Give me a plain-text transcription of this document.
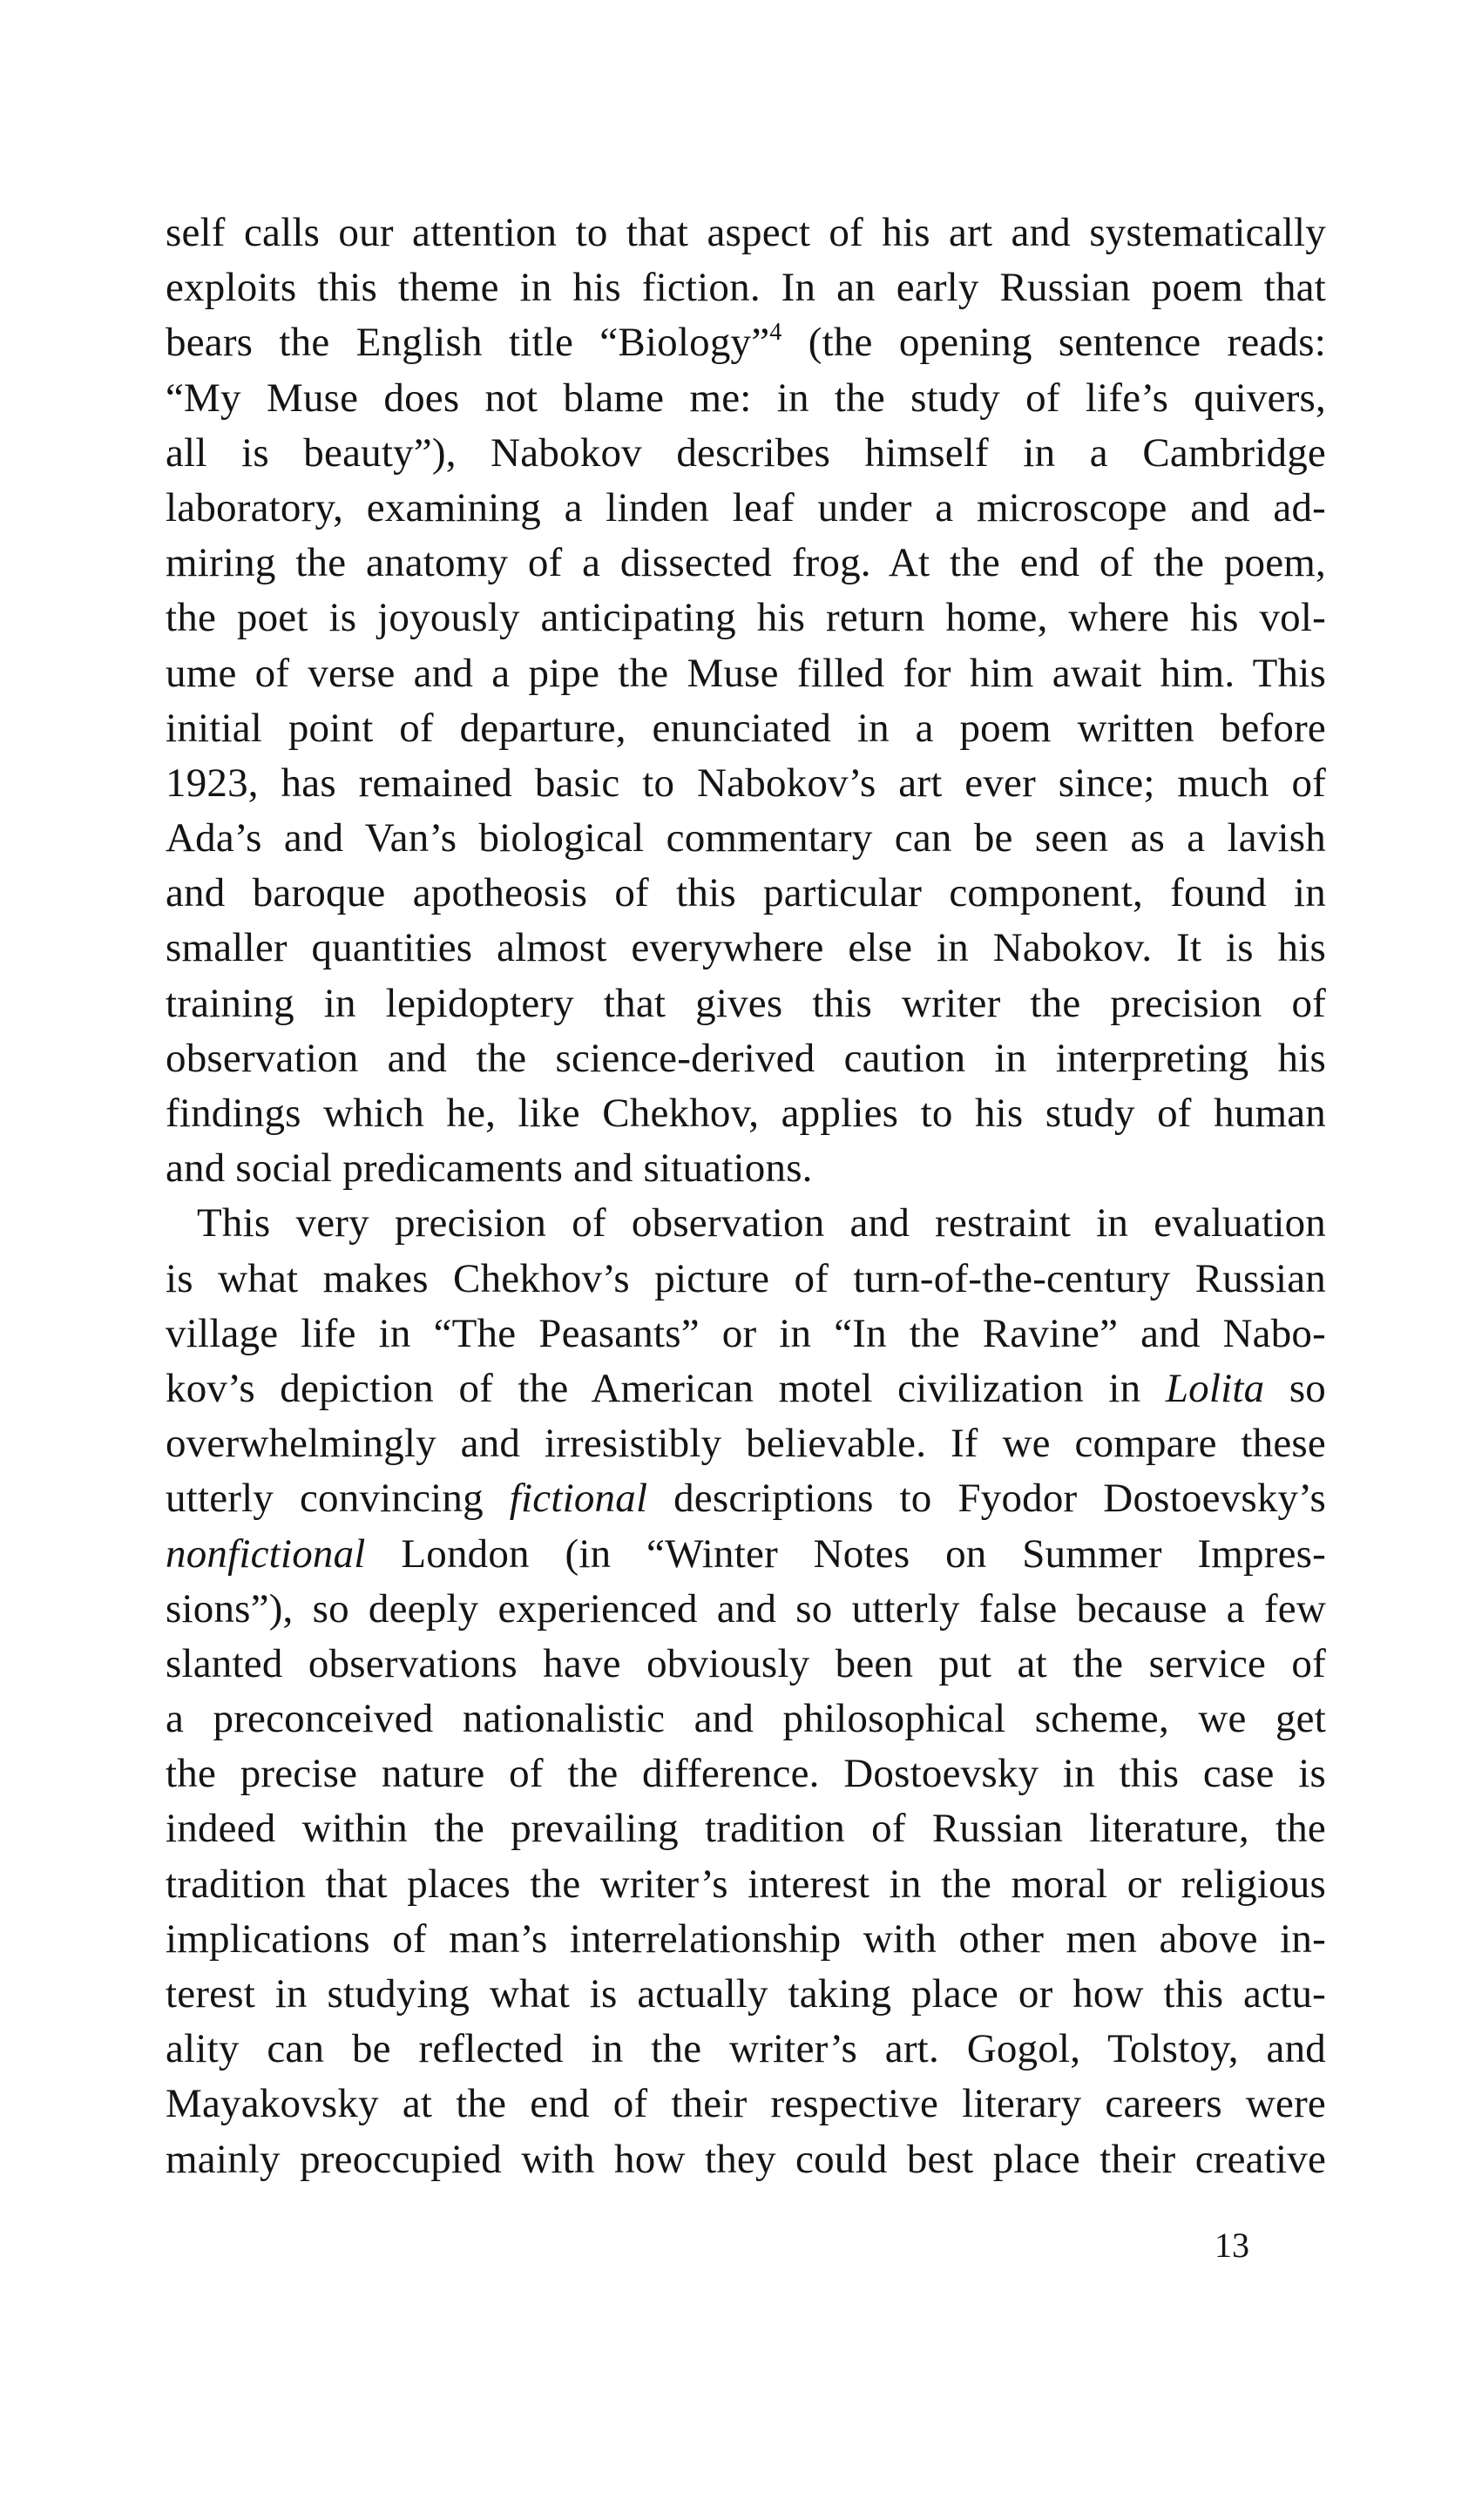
self calls our attention to that aspect of his art and systematically
exploits this theme in his fiction. In an early Russian poem that
bears the English title “Biology”$^4$ (the opening sentence reads:
“My Muse does not blame me: in the study of life’s quivers,
all is beauty”), Nabokov describes himself in a Cambridge
laboratory, examining a linden leaf under a microscope and ad-
miring the anatomy of a dissected frog. At the end of the poem,
the poet is joyously anticipating his return home, where his vol-
ume of verse and a pipe the Muse filled for him await him. This
initial point of departure, enunciated in a poem written before
1923, has remained basic to Nabokov’s art ever since; much of
Ada’s and Van’s biological commentary can be seen as a lavish
and baroque apotheosis of this particular component, found in
smaller quantities almost everywhere else in Nabokov. It is his
training in lepidoptery that gives this writer the precision of
observation and the science-derived caution in interpreting his
findings which he, like Chekhov, applies to his study of human
and social predicaments and situations.
This very precision of observation and restraint in evaluation
is what makes Chekhov’s picture of turn-of-the-century Russian
village life in “The Peasants” or in “In the Ravine” and Nabo-
kov’s depiction of the American motel civilization in Lolita so
overwhelmingly and irresistibly believable. If we compare these
utterly convincing fictional descriptions to Fyodor Dostoevsky’s
nonfictional London (in “Winter Notes on Summer Impres-
sions”), so deeply experienced and so utterly false because a few
slanted observations have obviously been put at the service of
a preconceived nationalistic and philosophical scheme, we get
the precise nature of the difference. Dostoevsky in this case is
indeed within the prevailing tradition of Russian literature, the
tradition that places the writer’s interest in the moral or religious
implications of man’s interrelationship with other men above in-
terest in studying what is actually taking place or how this actu-
ality can be reflected in the writer’s art. Gogol, Tolstoy, and
Mayakovsky at the end of their respective literary careers were
mainly preoccupied with how they could best place their creative
13
